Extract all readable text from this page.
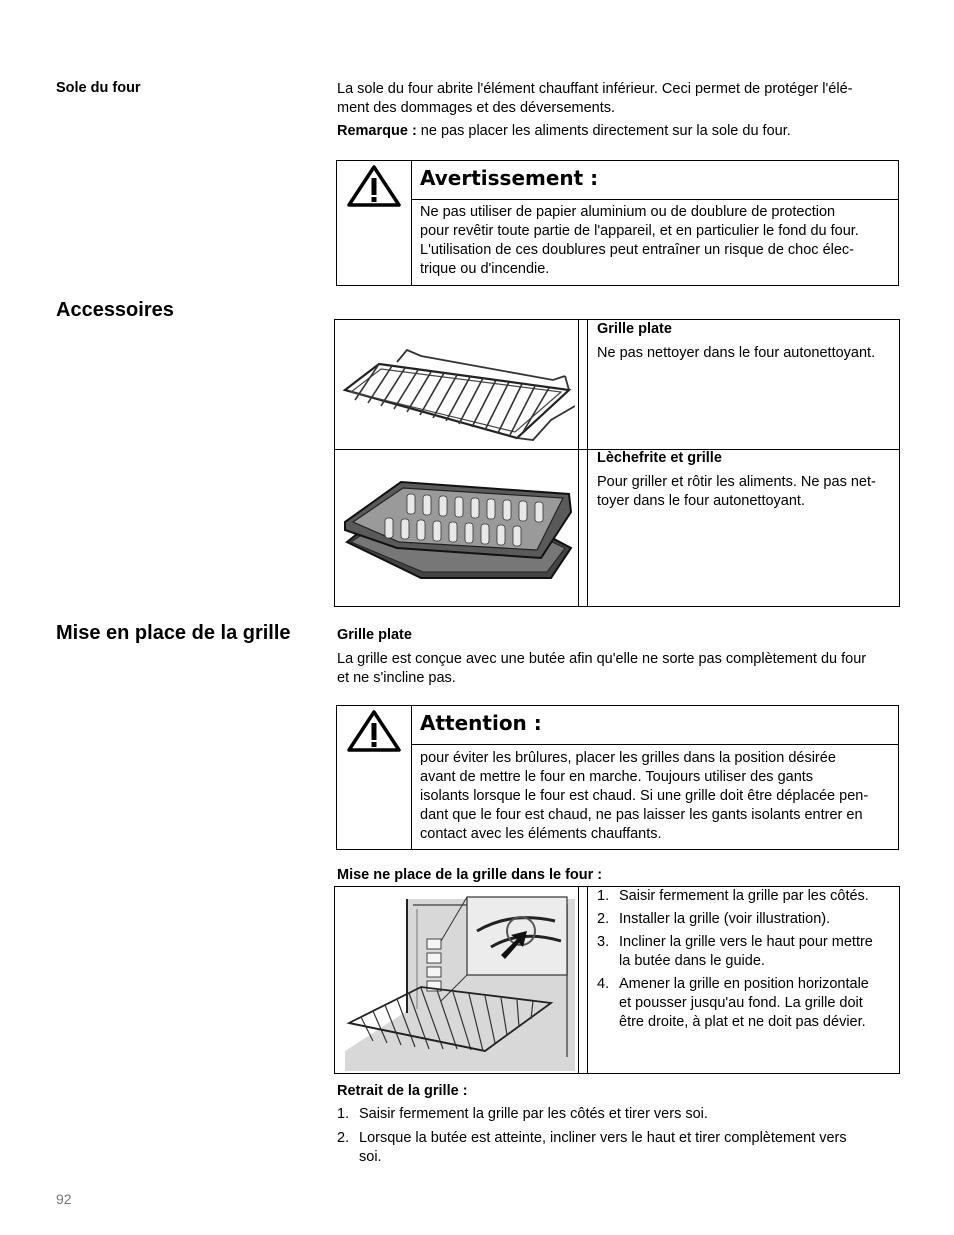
Sole du four	La sole du four abrite l'élément chauffant inférieur. Ceci permet de protéger l'élé-
ment des dommages et des déversements.
Remarque : ne pas placer les aliments directement sur la sole du four.
Avertissement :
Ne pas utiliser de papier aluminium ou de doublure de protection
pour revêtir toute partie de l'appareil, et en particulier le fond du four.
L'utilisation de ces doublures peut entraîner un risque de choc élec-
trique ou d'incendie.
Accessoires
Grille plate
Ne pas nettoyer dans le four autonettoyant.
Lèchefrite et grille
Pour griller et rôtir les aliments. Ne pas net-
toyer dans le four autonettoyant.
Mise en place de la grille	Grille plate
La grille est conçue avec une butée afin qu'elle ne sorte pas complètement du four
et ne s'incline pas.
Attention :
pour éviter les brûlures, placer les grilles dans la position désirée
avant de mettre le four en marche. Toujours utiliser des gants
isolants lorsque le four est chaud. Si une grille doit être déplacée pen-
dant que le four est chaud, ne pas laisser les gants isolants entrer en
contact avec les éléments chauffants.
Mise ne place de la grille dans le four :
1. Saisir fermement la grille par les côtés.
2. Installer la grille (voir illustration).
3. Incliner la grille vers le haut pour mettre
la butée dans le guide.
4. Amener la grille en position horizontale
et pousser jusqu'au fond. La grille doit
être droite, à plat et ne doit pas dévier.
Retrait de la grille :
1. Saisir fermement la grille par les côtés et tirer vers soi.
2. Lorsque la butée est atteinte, incliner vers le haut et tirer complètement vers
soi.
92
